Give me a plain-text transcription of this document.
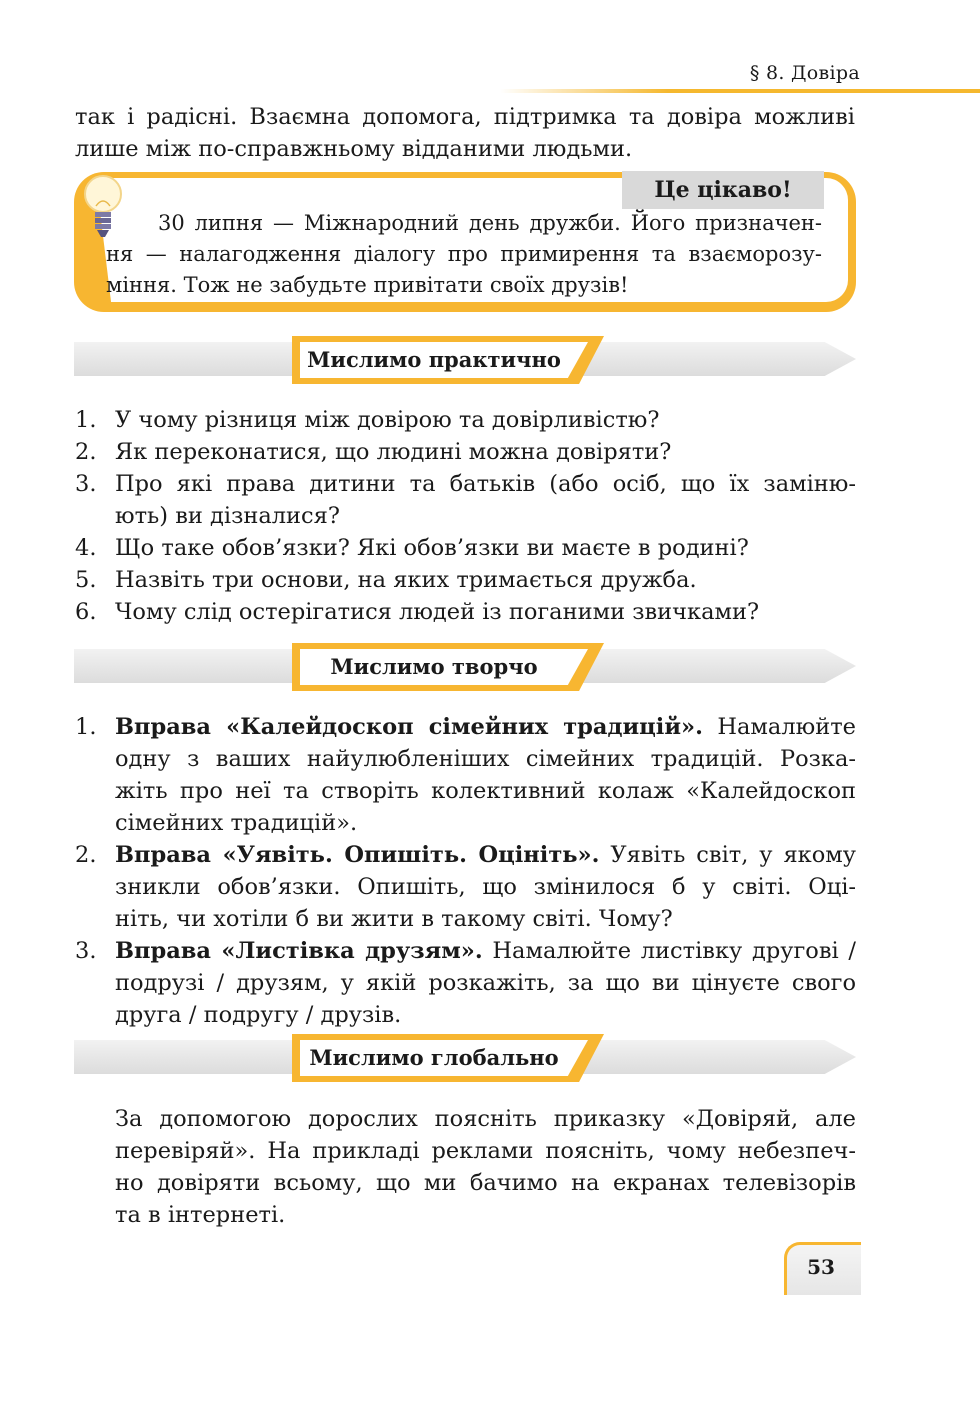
§ 8. Довіра
так і радісні. Взаємна допомога, підтримка та довіра можливі
лише між по-справжньому відданими людьми.
Це цікаво!
30 липня — Міжнародний день дружби. Його призначен-
ня — налагодження діалогу про примирення та взаєморозу-
міння. Тож не забудьте привітати своїх друзів!
Мислимо практично
1. У чому різниця між довірою та довірливістю?
2. Як переконатися, що людині можна довіряти?
3. Про які права дитини та батьків (або осіб, що їх заміню-
ють) ви дізналися?
4. Що таке обов’язки? Які обов’язки ви маєте в родині?
5. Назвіть три основи, на яких тримається дружба.
6. Чому слід остерігатися людей із поганими звичками?
Мислимо творчо
1. Вправа «Калейдоскоп сімейних традицій». Намалюйте
одну з ваших найулюбленіших сімейних традицій. Розка-
жіть про неї та створіть колективний колаж «Калейдоскоп
сімейних традицій».
2. Вправа «Уявіть. Опишіть. Оцініть». Уявіть світ, у якому
зникли обов’язки. Опишіть, що змінилося б у світі. Оці-
ніть, чи хотіли б ви жити в такому світі. Чому?
3. Вправа «Листівка друзям». Намалюйте листівку другові /
подрузі / друзям, у якій розкажіть, за що ви цінуєте свого
друга / подругу / друзів.
Мислимо глобально
За допомогою дорослих поясніть приказку «Довіряй, але
перевіряй». На прикладі реклами поясніть, чому небезпеч-
но довіряти всьому, що ми бачимо на екранах телевізорів
та в інтернеті.
53
